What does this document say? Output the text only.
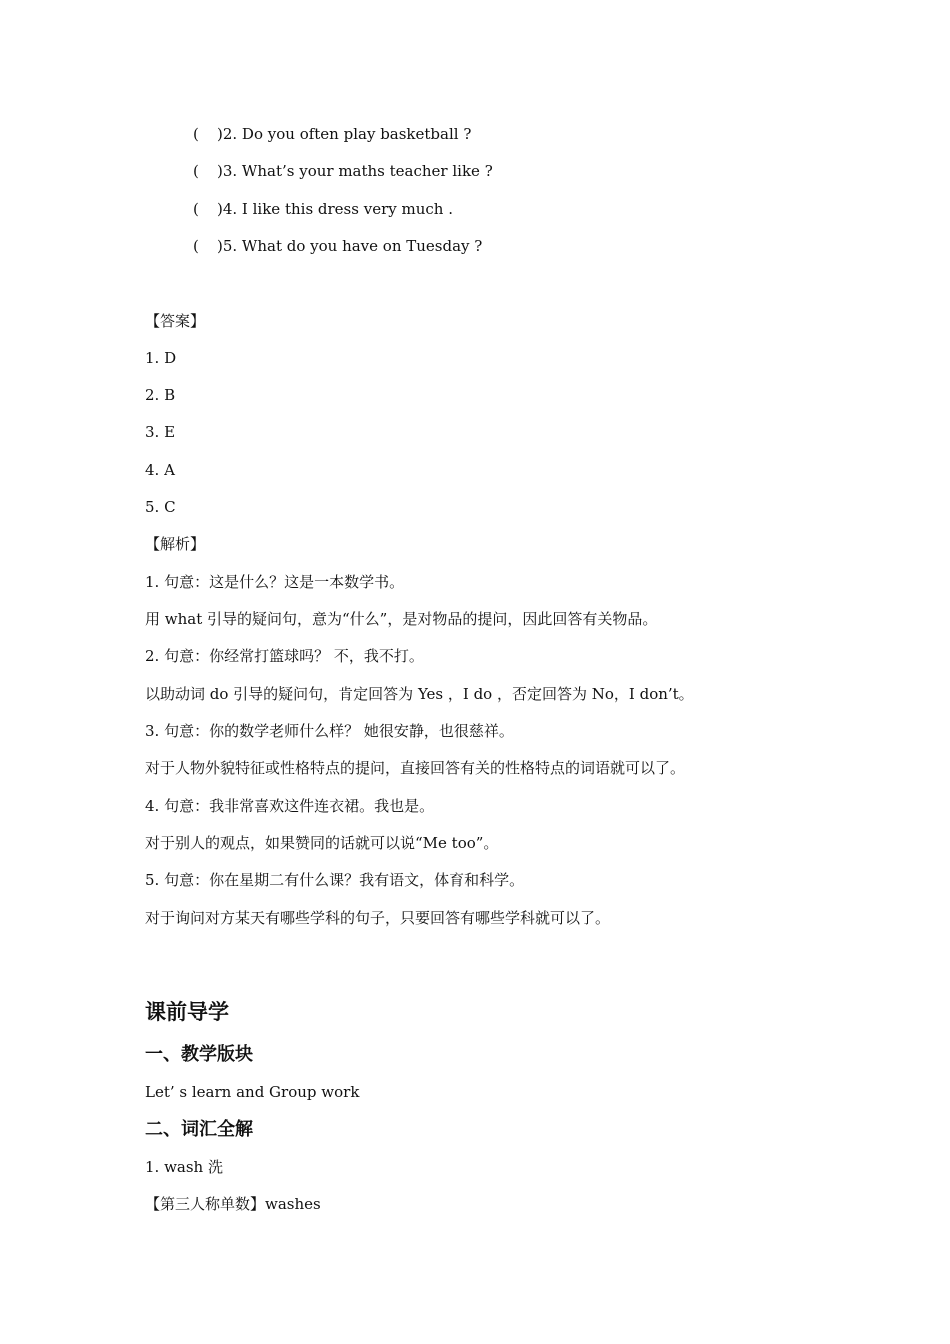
( )2. Do you often play basketball ?
( )3. What’s your maths teacher like ?
( )4. I like this dress very much .
( )5. What do you have on Tuesday ?
【答案】
1. D
2. B
3. E
4. A
5. C
【解析】
1. 句意：这是什么？这是一本数学书。
用 what 引导的疑问句，意为“什么”，是对物品的提问，因此回答有关物品。
2. 句意：你经常打篮球吗？ 不，我不打。
以助动词 do 引导的疑问句，肯定回答为 Yes ，I do ，否定回答为 No，I don’t。
3. 句意：你的数学老师什么样？ 她很安静，也很慈祥。
对于人物外貌特征或性格特点的提问，直接回答有关的性格特点的词语就可以了。
4. 句意：我非常喜欢这件连衣裙。我也是。
对于别人的观点，如果赞同的话就可以说“Me too”。
5. 句意：你在星期二有什么课？我有语文，体育和科学。
对于询问对方某天有哪些学科的句子，只要回答有哪些学科就可以了。
课前导学
一、教学版块
Let’ s learn and Group work
二、词汇全解
1. wash 洗
【第三人称单数】washes
